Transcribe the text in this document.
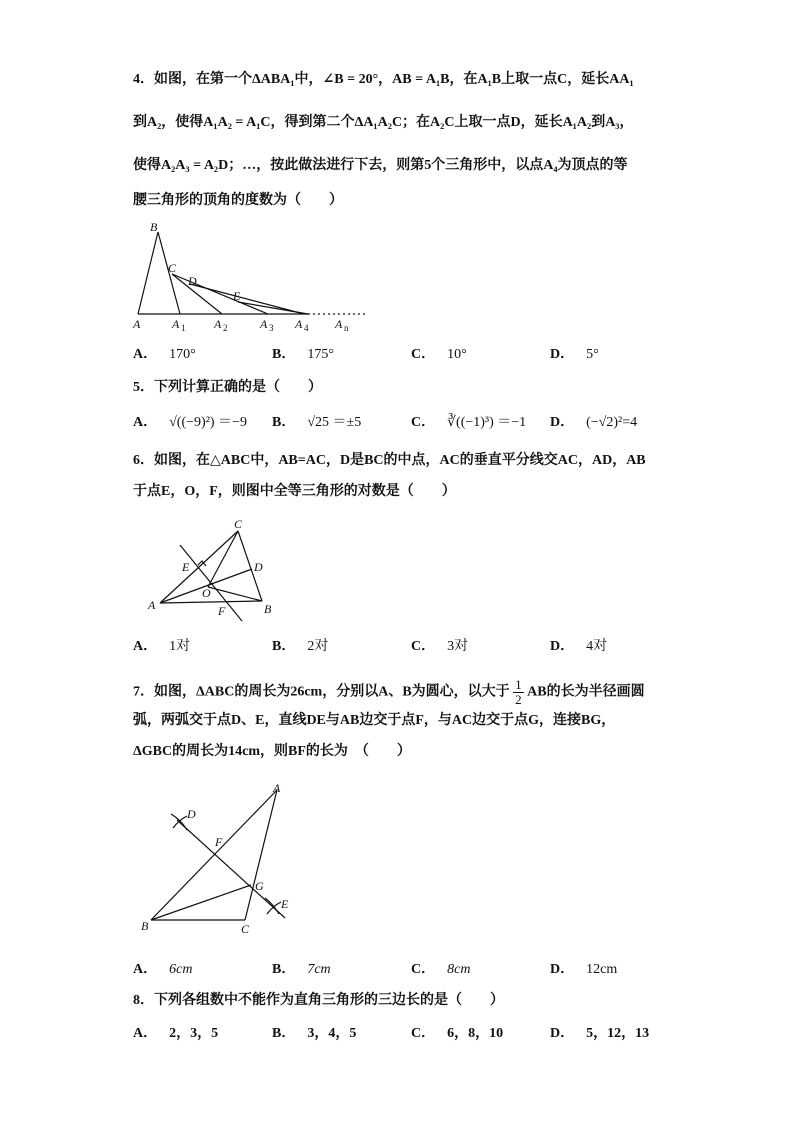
4．如图，在第一个ΔABA₁中，∠B = 20°，AB = A₁B，在A₁B上取一点C，延长AA₁
到A₂，使得A₁A₂ = A₁C，得到第二个ΔA₁A₂C；在A₂C上取一点D，延长A₁A₂到A₃，
使得A₂A₃ = A₂D；…，按此做法进行下去，则第5个三角形中，以点A₄为顶点的等
腰三角形的顶角的度数为（　　）
B
C
D
E
A	A 1 A 2	A 3 A 4 A n
A． 170°	B． 175°	C． 10°	D． 5°
5．下列计算正确的是（　　）
A． √((−9)²) ＝−9 B． √25 ＝±5	C． ∛((−1)³) ＝−1 D． (−√2)²=4
6．如图，在△ABC中，AB=AC，D是BC的中点，AC的垂直平分线交AC，AD，AB
于点E，O，F，则图中全等三角形的对数是（　　）
C
E	D
O
A	F	B
A． 1对	B． 2对	C． 3对	D． 4对
7．如图，ΔABC的周长为26cm，分别以A、B为圆心，以大于 $\frac{1}{2}$ AB的长为半径画圆
弧，两弧交于点D、E，直线DE与AB边交于点F，与AC边交于点G，连接BG，
ΔGBC的周长为14cm，则BF的长为　（　　）
A
D
F
G
E
B	C
A． 6cm	B． 7cm	C． 8cm	D． 12cm
8．下列各组数中不能作为直角三角形的三边长的是（　　）
A． 2，3，5	B． 3，4，5	C． 6，8，10	D． 5，12，13
